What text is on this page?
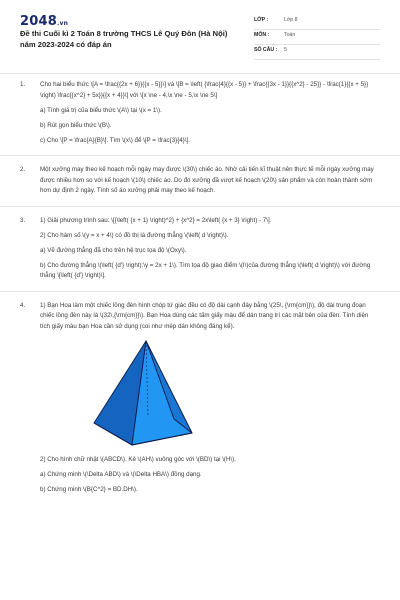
2048.vn
Đề thi Cuối kì 2 Toán 8 trường THCS Lê Quý Đôn (Hà Nội) năm 2023-2024 có đáp án
LỚP :	Lớp 8
MÔN :	Toán
SỐ CÂU : 5
1. Cho hai biểu thức \[A = \frac{{2x + 6}}{{x - 5}}\] và \[B = \left( {\frac{4}{{x - 5}} + \frac{{3x - 1}}{{x^2} - 25}} - \frac{1}{{x + 5}} \right) \frac{{x^2} + 5x}}{{x + 4}}\] với \[x \ne - 4,\x \ne - 5,\x \ne 5\]

a) Tính giá trị của biểu thức \(A\) tại \(x = 1\).

b) Rút gọn biểu thức \(B\).

c) Cho \[P = \frac{A}{B}\]. Tìm \(x\) để \[P = \frac{3}{4}\].

2. Một xưởng may theo kế hoạch mỗi ngày may được \(30\) chiếc áo. Nhờ cải tiến kĩ thuật nên thực tế mỗi ngày xưởng may được nhiều hơn so với kế hoạch \(10\) chiếc áo. Do đó xưởng đã vượt kế hoạch \(20\) sản phẩm và còn hoàn thành sớm hơn dự định 2 ngày. Tính số áo xưởng phải may theo kế hoạch.

3. 1) Giải phương trình sau: \[{\left( {x + 1} \right)^2} + {x^2} = 2x\left( {x + 3} \right) - 7\].

2) Cho hàm số \(y = x + 4\) có đồ thị là đường thẳng \(\left( d \right)\).

a) Vẽ đường thẳng đã cho trên hệ trục tọa độ \(Oxy\).

b) Cho đường thẳng \(\left( {d'} \right):\y = 2x + 1\). Tìm tọa độ giao điểm \(I\)của đường thẳng \(\left( d \right)\) với đường thẳng \[\left( {d'} \right)\].

4. 1) Bạn Hoa làm một chiếc lồng đèn hình chóp tứ giác đều có độ dài cạnh đáy bằng \(25\, {\rm{cm}}\), độ dài trung đoạn chiếc lồng đèn này là \(32\,{\rm{cm}}\). Bạn Hoa dùng các tấm giấy màu để dán trang trí các mặt bên của đèn. Tính diện tích giấy màu bạn Hoa cần sử dụng (coi như mép dán không đáng kể).

2) Cho hình chữ nhật \(ABCD\). Kẻ \(AH\) vuông góc với \(BD\) tại \(H\).

a) Chứng minh \(\Delta ABD\) và \(\Delta HBA\) đồng dạng.

b) Chứng minh \(B{C^2} = BD.DH\).
